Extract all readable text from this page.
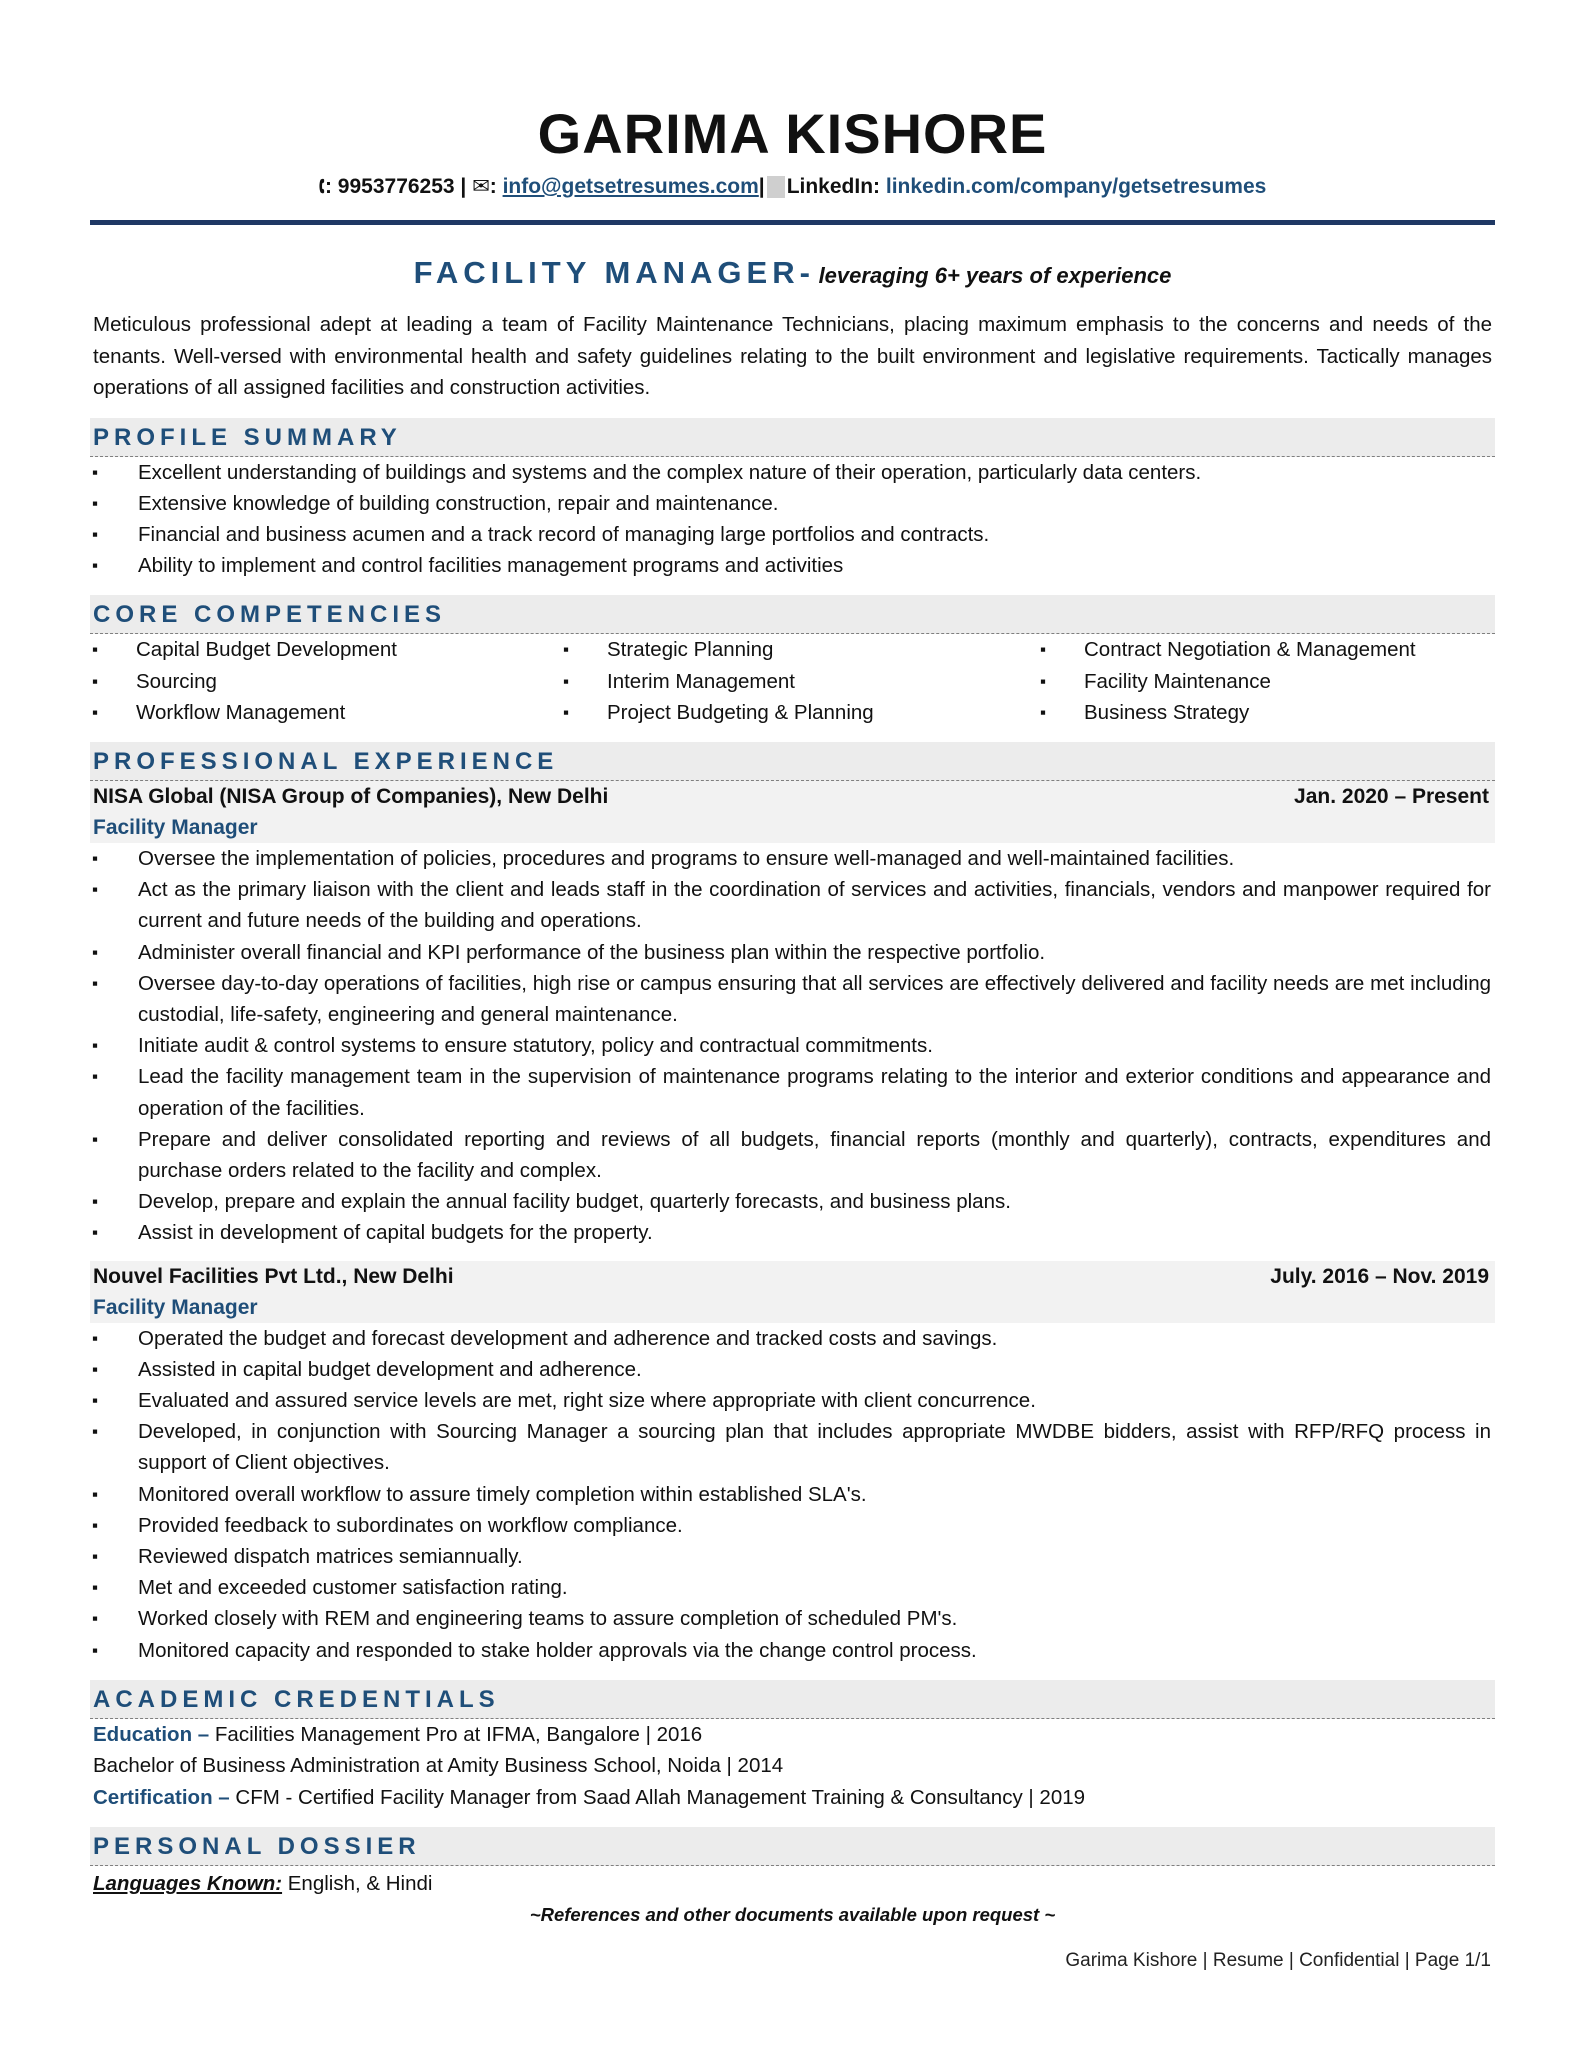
GARIMA KISHORE
🕻: 9953776253 | ✉: info@getsetresumes.com| LinkedIn: linkedin.com/company/getsetresumes
FACILITY MANAGER- leveraging 6+ years of experience
Meticulous professional adept at leading a team of Facility Maintenance Technicians, placing maximum emphasis to the concerns and needs of the tenants. Well-versed with environmental health and safety guidelines relating to the built environment and legislative requirements. Tactically manages operations of all assigned facilities and construction activities.
PROFILE SUMMARY
▪ Excellent understanding of buildings and systems and the complex nature of their operation, particularly data centers.
▪ Extensive knowledge of building construction, repair and maintenance.
▪ Financial and business acumen and a track record of managing large portfolios and contracts.
▪ Ability to implement and control facilities management programs and activities
CORE COMPETENCIES
▪ Capital Budget Development
▪ Sourcing
▪ Workflow Management
▪ Strategic Planning
▪ Interim Management
▪ Project Budgeting & Planning
▪ Contract Negotiation & Management
▪ Facility Maintenance
▪ Business Strategy
PROFESSIONAL EXPERIENCE
NISA Global (NISA Group of Companies), New Delhi	Jan. 2020 – Present
Facility Manager
▪ Oversee the implementation of policies, procedures and programs to ensure well-managed and well-maintained facilities.
▪ Act as the primary liaison with the client and leads staff in the coordination of services and activities, financials, vendors and manpower required for current and future needs of the building and operations.
▪ Administer overall financial and KPI performance of the business plan within the respective portfolio.
▪ Oversee day-to-day operations of facilities, high rise or campus ensuring that all services are effectively delivered and facility needs are met including custodial, life-safety, engineering and general maintenance.
▪ Initiate audit & control systems to ensure statutory, policy and contractual commitments.
▪ Lead the facility management team in the supervision of maintenance programs relating to the interior and exterior conditions and appearance and operation of the facilities.
▪ Prepare and deliver consolidated reporting and reviews of all budgets, financial reports (monthly and quarterly), contracts, expenditures and purchase orders related to the facility and complex.
▪ Develop, prepare and explain the annual facility budget, quarterly forecasts, and business plans.
▪ Assist in development of capital budgets for the property.
Nouvel Facilities Pvt Ltd., New Delhi	July. 2016 – Nov. 2019
Facility Manager
▪ Operated the budget and forecast development and adherence and tracked costs and savings.
▪ Assisted in capital budget development and adherence.
▪ Evaluated and assured service levels are met, right size where appropriate with client concurrence.
▪ Developed, in conjunction with Sourcing Manager a sourcing plan that includes appropriate MWDBE bidders, assist with RFP/RFQ process in support of Client objectives.
▪ Monitored overall workflow to assure timely completion within established SLA's.
▪ Provided feedback to subordinates on workflow compliance.
▪ Reviewed dispatch matrices semiannually.
▪ Met and exceeded customer satisfaction rating.
▪ Worked closely with REM and engineering teams to assure completion of scheduled PM's.
▪ Monitored capacity and responded to stake holder approvals via the change control process.
ACADEMIC CREDENTIALS
Education – Facilities Management Pro at IFMA, Bangalore | 2016
Bachelor of Business Administration at Amity Business School, Noida | 2014
Certification – CFM - Certified Facility Manager from Saad Allah Management Training & Consultancy | 2019
PERSONAL DOSSIER
Languages Known: English, & Hindi
~References and other documents available upon request ~
Garima Kishore | Resume | Confidential | Page 1/1
